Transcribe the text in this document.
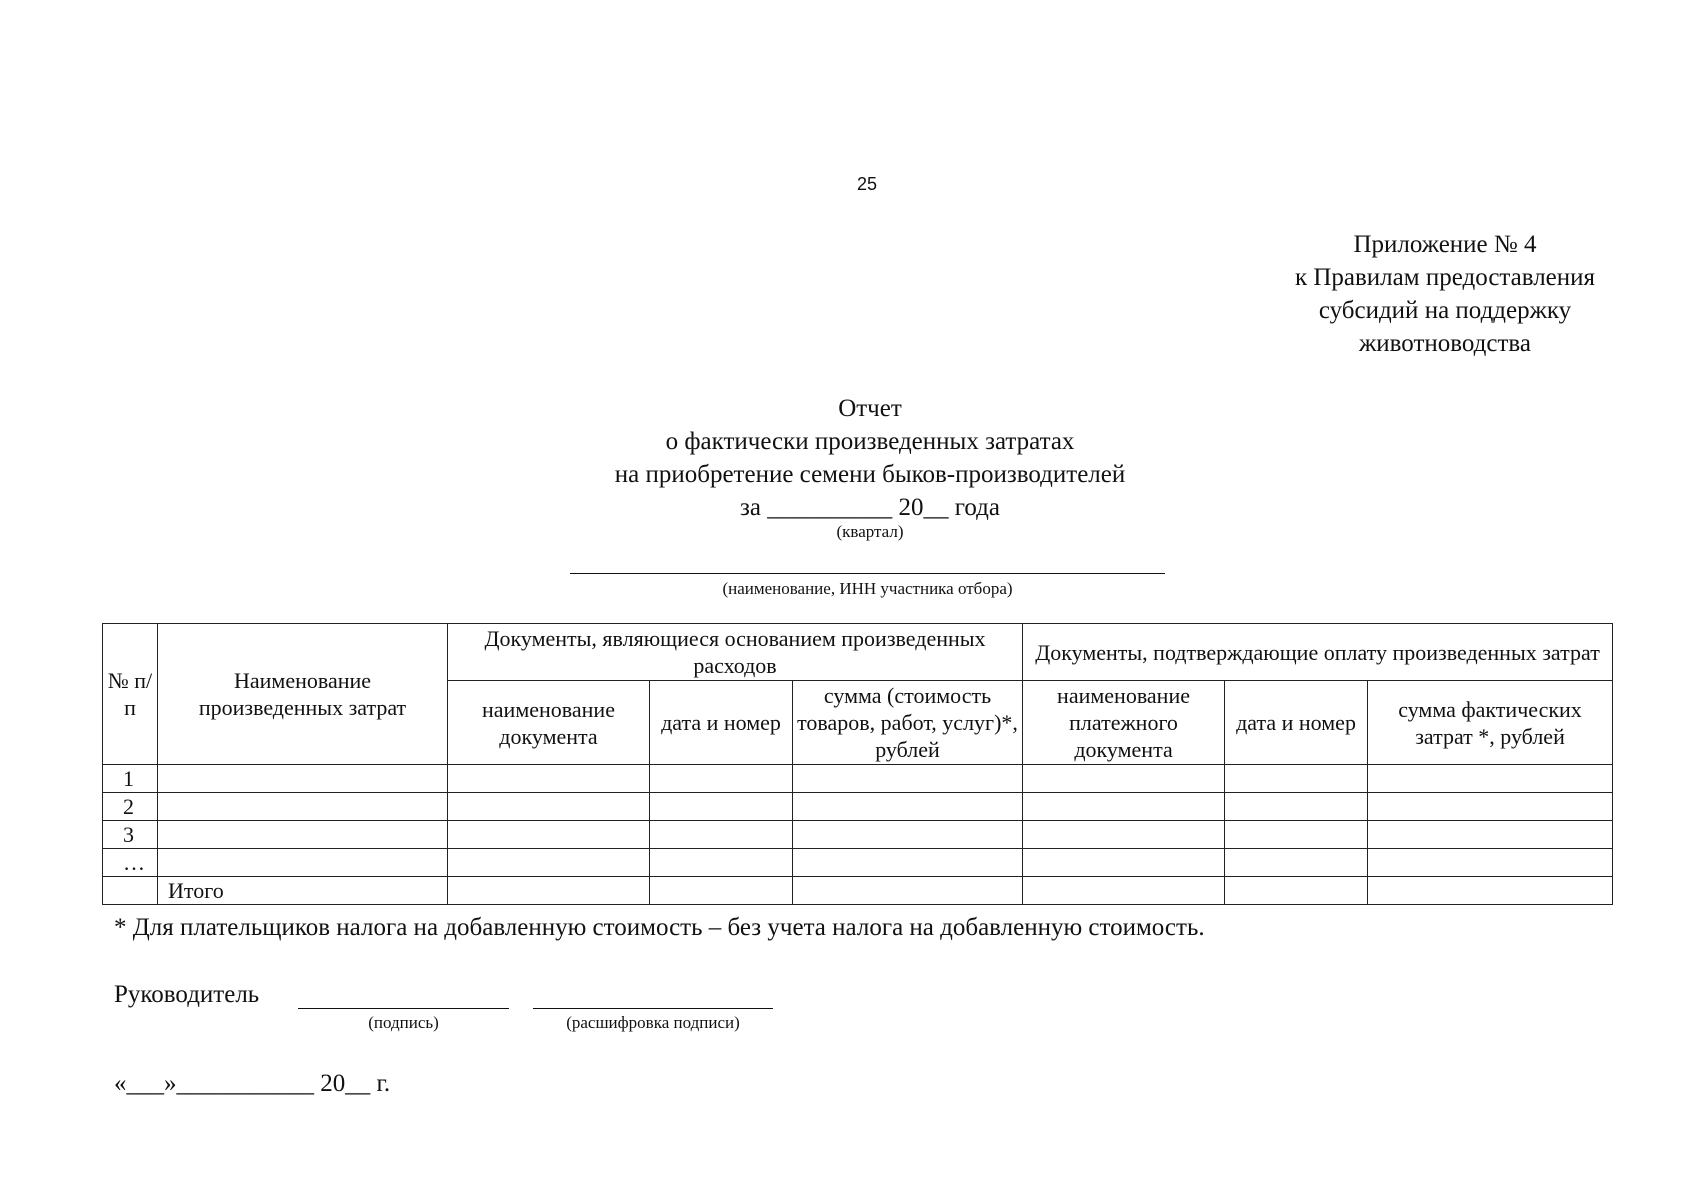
25
Приложение № 4
к Правилам предоставления
субсидий на поддержку
животноводства
Отчет
о фактически произведенных затратах
на приобретение семени быков-производителей
за __________ 20__ года
(квартал)
(наименование, ИНН участника отбора)
№ п/п	Наименование произведенных затрат	Документы, являющиеся основанием произведенных расходов			Документы, подтверждающие оплату произведенных затрат		
		наименование документа	дата и номер	сумма (стоимость товаров, работ, услуг)*, рублей	наименование платежного документа	дата и номер	сумма фактических затрат *, рублей
1							
2							
3							
…							
	Итого						
* Для плательщиков налога на добавленную стоимость – без учета налога на добавленную стоимость.
Руководитель
(подпись)	(расшифровка подписи)
«___»___________ 20__ г.
